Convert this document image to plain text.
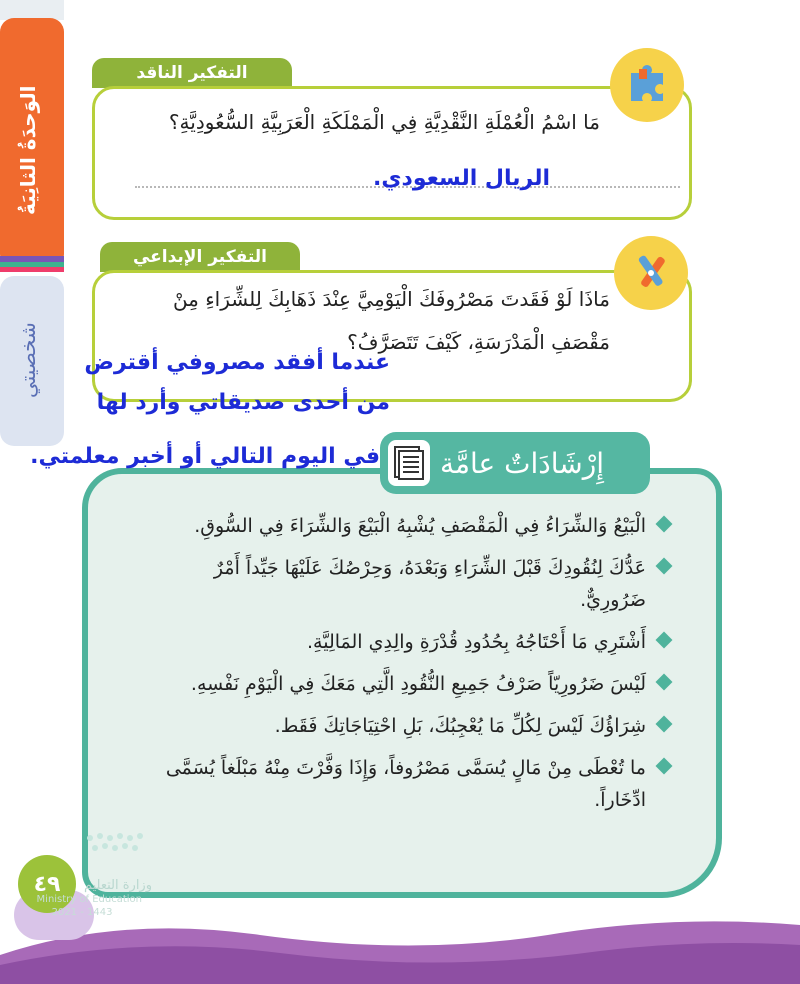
الوَحدَةُ الثانِيَةُ
شخصيتي
التفكير الناقد
مَا اسْمُ الْعُمْلَةِ النَّقْدِيَّةِ فِي الْمَمْلَكَةِ الْعَرَبِيَّةِ السُّعُودِيَّةِ؟
الريال السعودي.
التفكير الإبداعي
مَاذَا لَوْ فَقَدتَ مَصْرُوفَكَ الْيَوْمِيَّ عِنْدَ ذَهَابِكَ لِلشِّرَاءِ مِنْ
مَقْصَفِ الْمَدْرَسَةِ، كَيْفَ تَتَصَرَّفُ؟
عندما أفقد مصروفي أقترض
من أحدى صديقاتي وأرد لها
إِرْشَادَاتٌ عامَّة
في اليوم التالي أو أخبر معلمتي.
الْبَيْعُ وَالشِّرَاءُ فِي الْمَقْصَفِ يُشْبِهُ الْبَيْعَ وَالشِّرَاءَ فِي السُّوقِ.
عَدُّكَ لِنُقُودِكَ قَبْلَ الشِّرَاءِ وَبَعْدَهُ، وَحِرْصُكَ عَلَيْهَا جَيِّداً أَمْرٌ ضَرُورِيٌّ.
أَشْتَرِي مَا أَحْتَاجُهُ بِحُدُودِ قُدْرَةِ والِدِي المَالِيَّةِ.
لَيْسَ ضَرُورِيّاً صَرْفُ جَمِيعِ النُّقُودِ الَّتِي مَعَكَ فِي الْيَوْمِ نَفْسِهِ.
شِرَاؤُكَ لَيْسَ لِكُلِّ مَا يُعْجِبُكَ، بَلِ احْتِيَاجَاتِكَ فَقَط.
ما تُعْطَى مِنْ مَالٍ يُسَمَّى مَصْرُوفاً، وَإِذَا وَفَّرْتَ مِنْهُ مَبْلَغاً يُسَمَّى ادِّخَاراً.
٤٩	وزارة التعليم
Ministry of Education
2021 - 1443
